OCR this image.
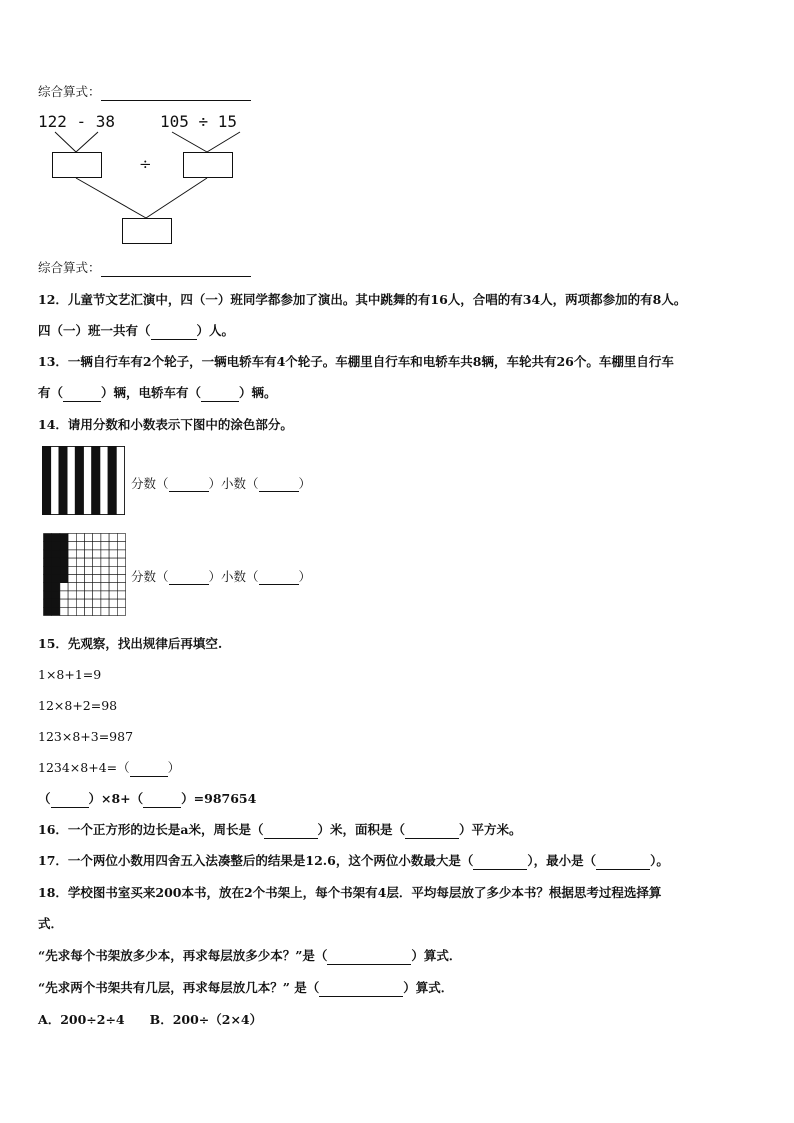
综合算式：
122 - 38	105 ÷ 15
÷
综合算式：
12．儿童节文艺汇演中，四（一）班同学都参加了演出。其中跳舞的有16人，合唱的有34人，两项都参加的有8人。
四（一）班一共有（	）人。
13．一辆自行车有2个轮子，一辆电轿车有4个轮子。车棚里自行车和电轿车共8辆，车轮共有26个。车棚里自行车
有（	）辆，电轿车有（	）辆。
14．请用分数和小数表示下图中的涂色部分。
分数（	）小数（	）
分数（	）小数（	）
15．先观察，找出规律后再填空.
1×8+1=9
12×8+2=98
123×8+3=987
1234×8+4=（	）
（	）×8+（	）=987654
16．一个正方形的边长是a米，周长是（	）米，面积是（	）平方米。
17．一个两位小数用四舍五入法凑整后的结果是12.6，这个两位小数最大是（	），最小是（	）。
18．学校图书室买来200本书，放在2个书架上，每个书架有4层．平均每层放了多少本书？根据思考过程选择算
式．
“先求每个书架放多少本，再求每层放多少本？”是（	）算式．
“先求两个书架共有几层，再求每层放几本？” 是（	）算式．
A．200÷2÷4　　B．200÷（2×4）
